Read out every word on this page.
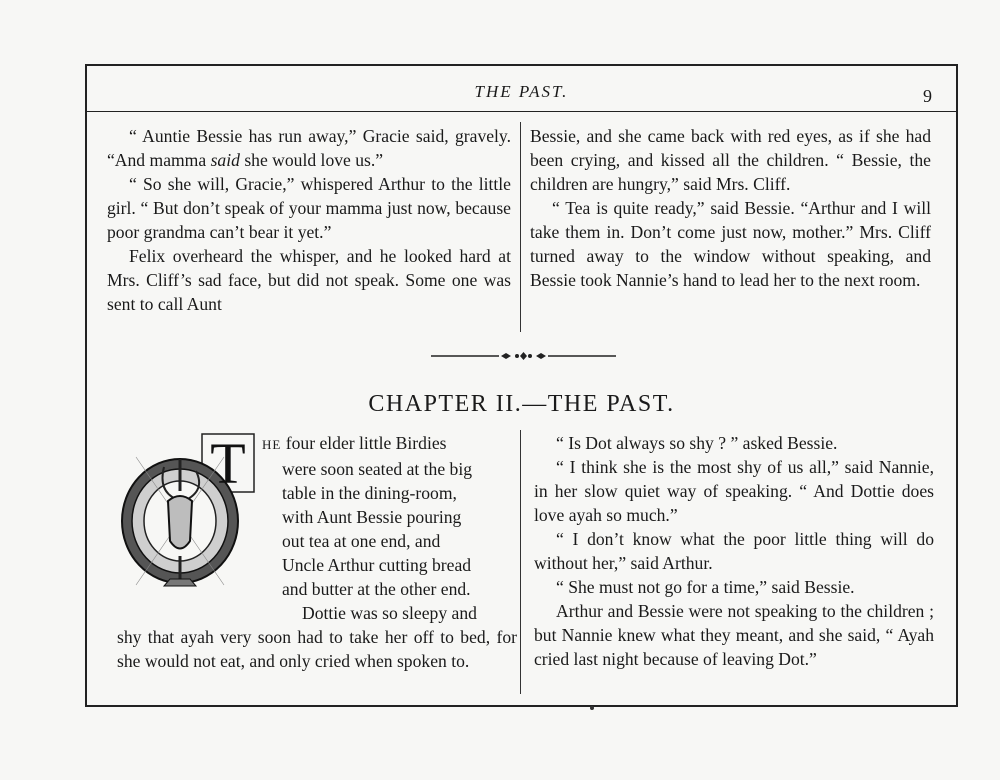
THE PAST.	9

“ Auntie Bessie has run away,” Gracie said, gravely. “And mamma said she would love us.”

“ So she will, Gracie,” whispered Arthur to the little girl. “ But don’t speak of your mamma just now, because poor grandma can’t bear it yet.”

Felix overheard the whisper, and he looked hard at Mrs. Cliff’s sad face, but did not speak. Some one was sent to call Aunt

Bessie, and she came back with red eyes, as if she had been crying, and kissed all the children. “ Bessie, the children are hungry,” said Mrs. Cliff.

“ Tea is quite ready,” said Bessie. “Arthur and I will take them in. Don’t come just now, mother.” Mrs. Cliff turned away to the window without speaking, and Bessie took Nannie’s hand to lead her to the next room.

CHAPTER II.—THE PAST.
T	HE four elder little Birdies

were soon seated at the big

table in the dining-room,

with Aunt Bessie pouring

out tea at one end, and

Uncle Arthur cutting bread

and butter at the other end.

Dottie was so sleepy and

shy that ayah very soon had to take her off to bed, for she would not eat, and only cried when spoken to.

“ Is Dot always so shy ? ” asked Bessie.

“ I think she is the most shy of us all,” said Nannie, in her slow quiet way of speaking. “ And Dottie does love ayah so much.”

“ I don’t know what the poor little thing will do without her,” said Arthur.

“ She must not go for a time,” said Bessie.

Arthur and Bessie were not speaking to the children ; but Nannie knew what they meant, and she said, “ Ayah cried last night because of leaving Dot.”
